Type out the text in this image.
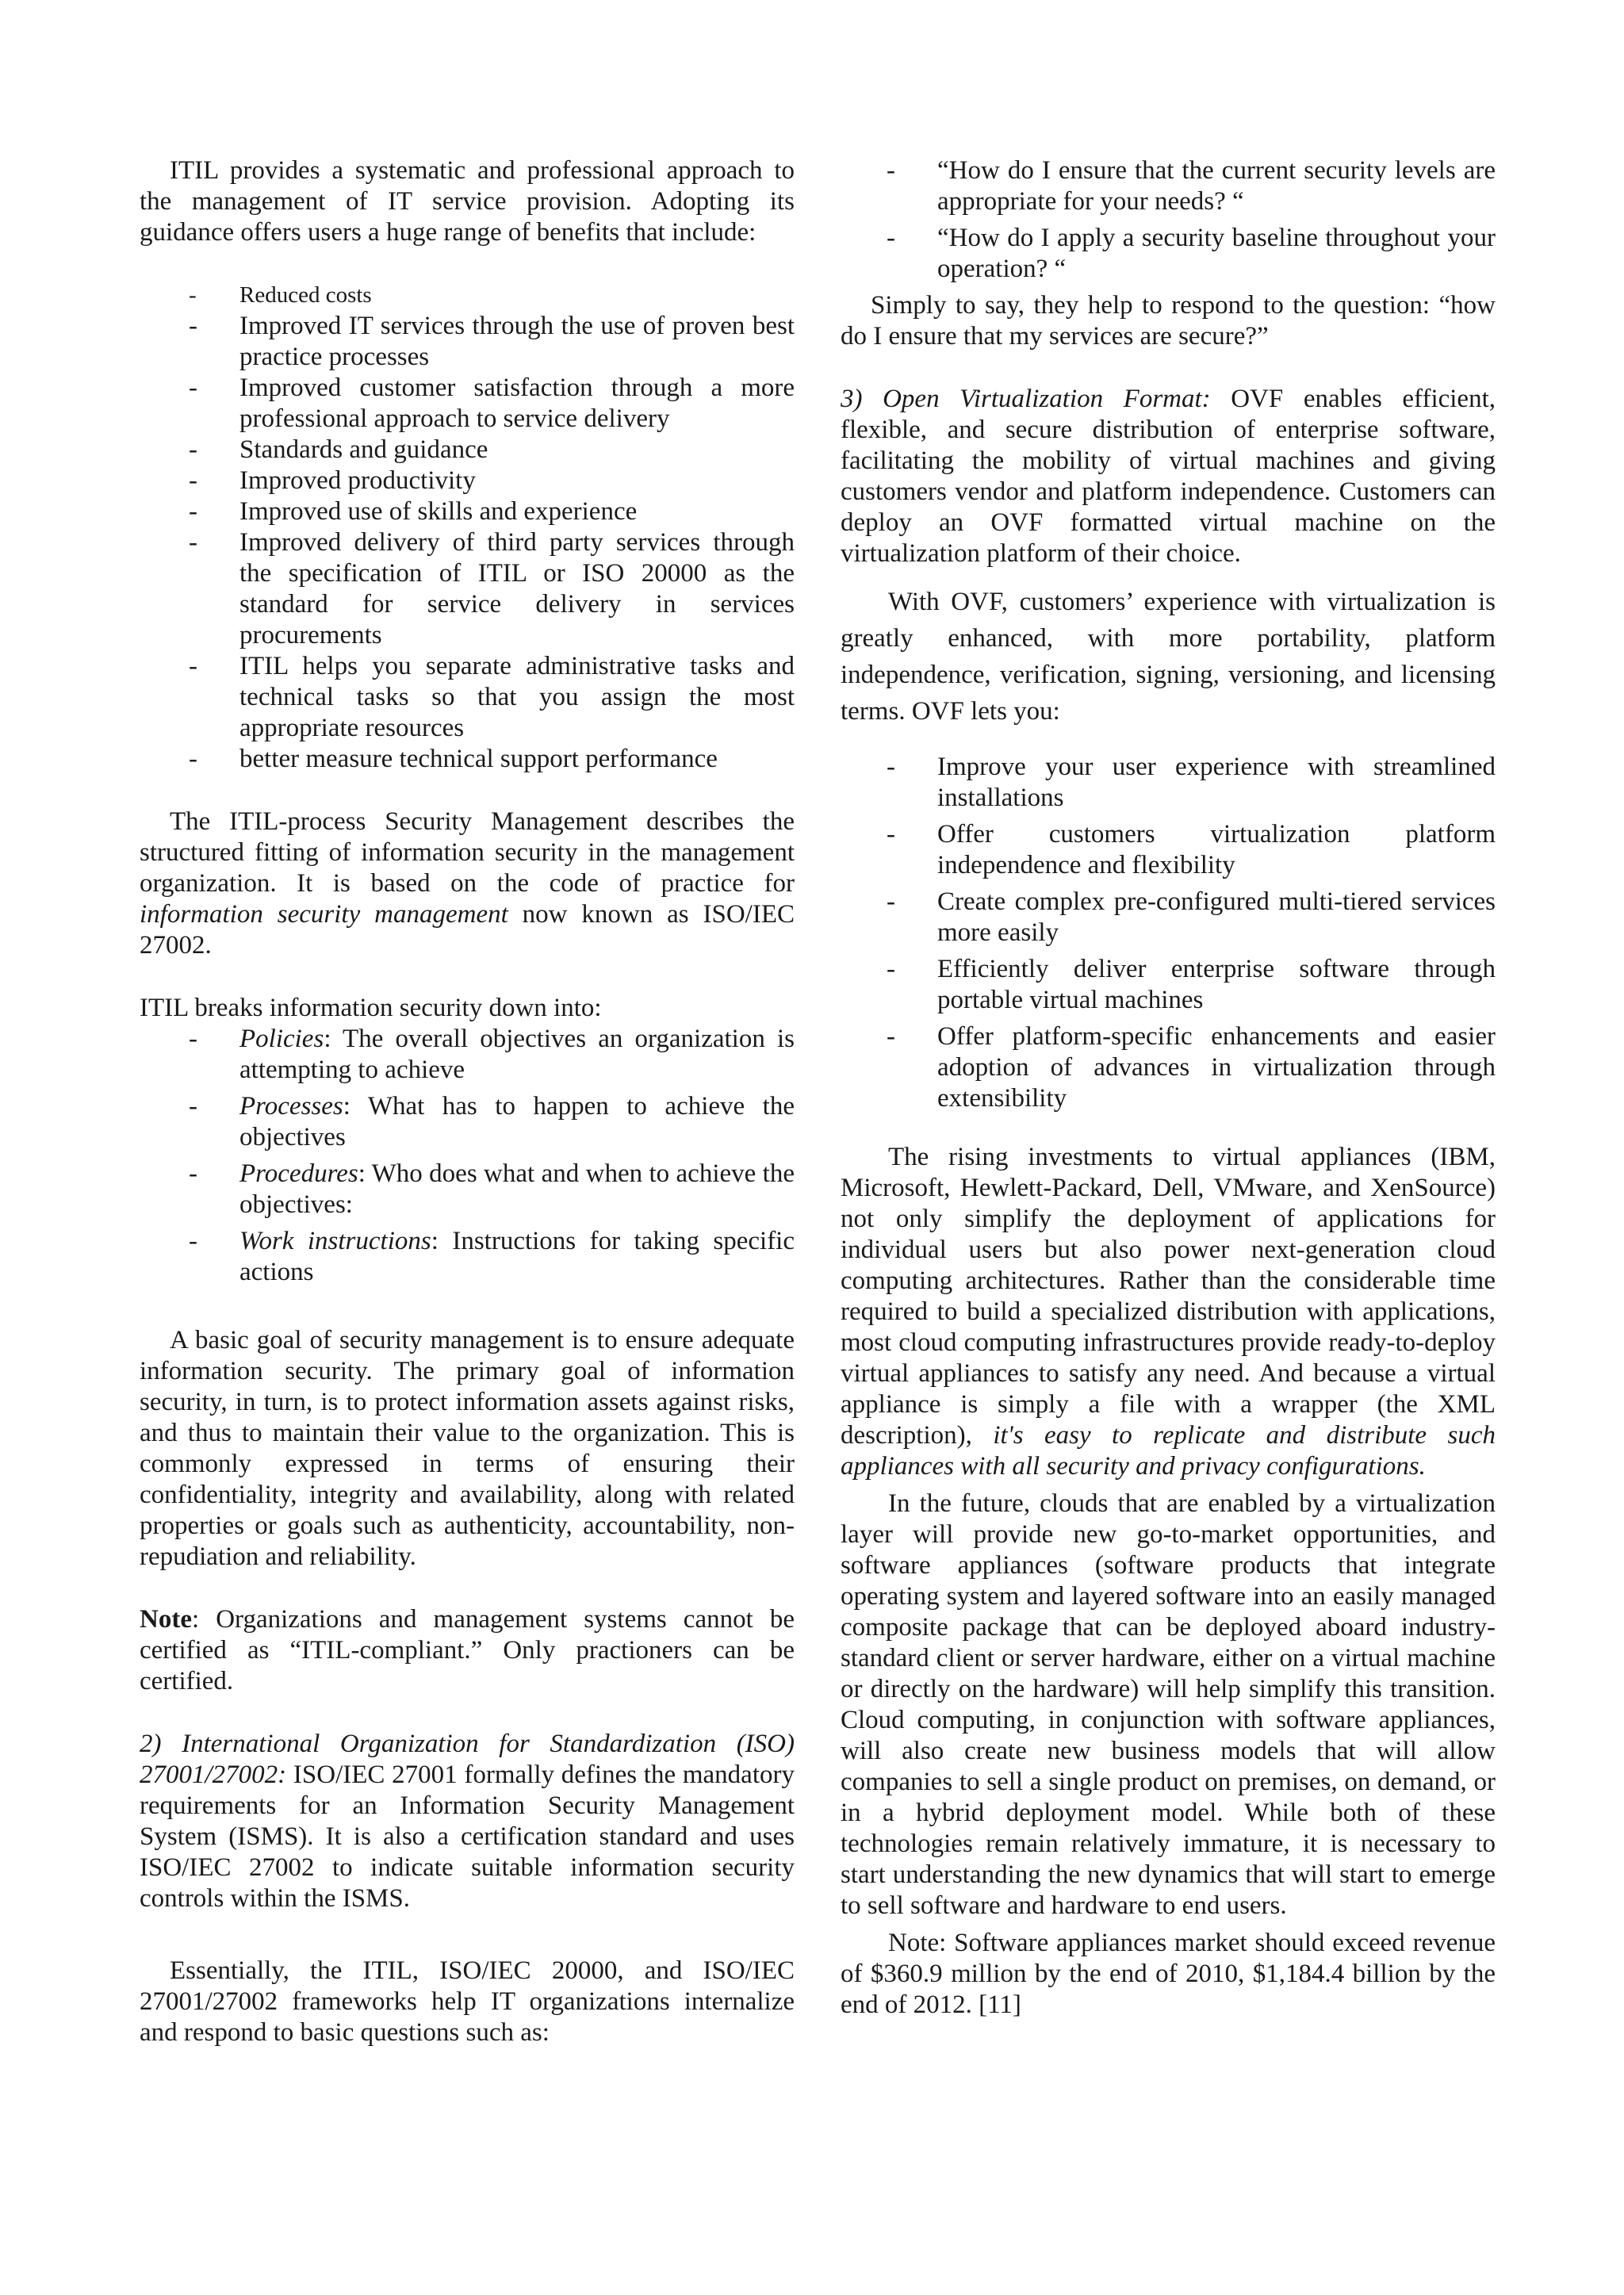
ITIL provides a systematic and professional approach to the management of IT service provision. Adopting its guidance offers users a huge range of benefits that include:

- Reduced costs
- Improved IT services through the use of proven best practice processes
- Improved customer satisfaction through a more professional approach to service delivery
- Standards and guidance
- Improved productivity
- Improved use of skills and experience
- Improved delivery of third party services through the specification of ITIL or ISO 20000 as the standard for service delivery in services procurements
- ITIL helps you separate administrative tasks and technical tasks so that you assign the most appropriate resources
- better measure technical support performance

The ITIL-process Security Management describes the structured fitting of information security in the management organization. It is based on the code of practice for information security management now known as ISO/IEC 27002.

ITIL breaks information security down into:

- Policies: The overall objectives an organization is attempting to achieve
- Processes: What has to happen to achieve the objectives
- Procedures: Who does what and when to achieve the objectives:
- Work instructions: Instructions for taking specific actions

A basic goal of security management is to ensure adequate information security. The primary goal of information security, in turn, is to protect information assets against risks, and thus to maintain their value to the organization. This is commonly expressed in terms of ensuring their confidentiality, integrity and availability, along with related properties or goals such as authenticity, accountability, non-repudiation and reliability.

Note: Organizations and management systems cannot be certified as “ITIL-compliant.” Only practioners can be certified.

2) International Organization for Standardization (ISO) 27001/27002: ISO/IEC 27001 formally defines the mandatory requirements for an Information Security Management System (ISMS). It is also a certification standard and uses ISO/IEC 27002 to indicate suitable information security controls within the ISMS.

Essentially, the ITIL, ISO/IEC 20000, and ISO/IEC 27001/27002 frameworks help IT organizations internalize and respond to basic questions such as:

- “How do I ensure that the current security levels are appropriate for your needs? “
- “How do I apply a security baseline throughout your operation? “

Simply to say, they help to respond to the question: “how do I ensure that my services are secure?”

3) Open Virtualization Format: OVF enables efficient, flexible, and secure distribution of enterprise software, facilitating the mobility of virtual machines and giving customers vendor and platform independence. Customers can deploy an OVF formatted virtual machine on the virtualization platform of their choice.

With OVF, customers’ experience with virtualization is greatly enhanced, with more portability, platform independence, verification, signing, versioning, and licensing terms. OVF lets you:

- Improve your user experience with streamlined installations
- Offer customers virtualization platform independence and flexibility
- Create complex pre-configured multi-tiered services more easily
- Efficiently deliver enterprise software through portable virtual machines
- Offer platform-specific enhancements and easier adoption of advances in virtualization through extensibility

The rising investments to virtual appliances (IBM, Microsoft, Hewlett-Packard, Dell, VMware, and XenSource) not only simplify the deployment of applications for individual users but also power next-generation cloud computing architectures. Rather than the considerable time required to build a specialized distribution with applications, most cloud computing infrastructures provide ready-to-deploy virtual appliances to satisfy any need. And because a virtual appliance is simply a file with a wrapper (the XML description), it's easy to replicate and distribute such appliances with all security and privacy configurations.

In the future, clouds that are enabled by a virtualization layer will provide new go-to-market opportunities, and software appliances (software products that integrate operating system and layered software into an easily managed composite package that can be deployed aboard industry-standard client or server hardware, either on a virtual machine or directly on the hardware) will help simplify this transition. Cloud computing, in conjunction with software appliances, will also create new business models that will allow companies to sell a single product on premises, on demand, or in a hybrid deployment model. While both of these technologies remain relatively immature, it is necessary to start understanding the new dynamics that will start to emerge to sell software and hardware to end users.

Note: Software appliances market should exceed revenue of $360.9 million by the end of 2010, $1,184.4 billion by the end of 2012. [11]
